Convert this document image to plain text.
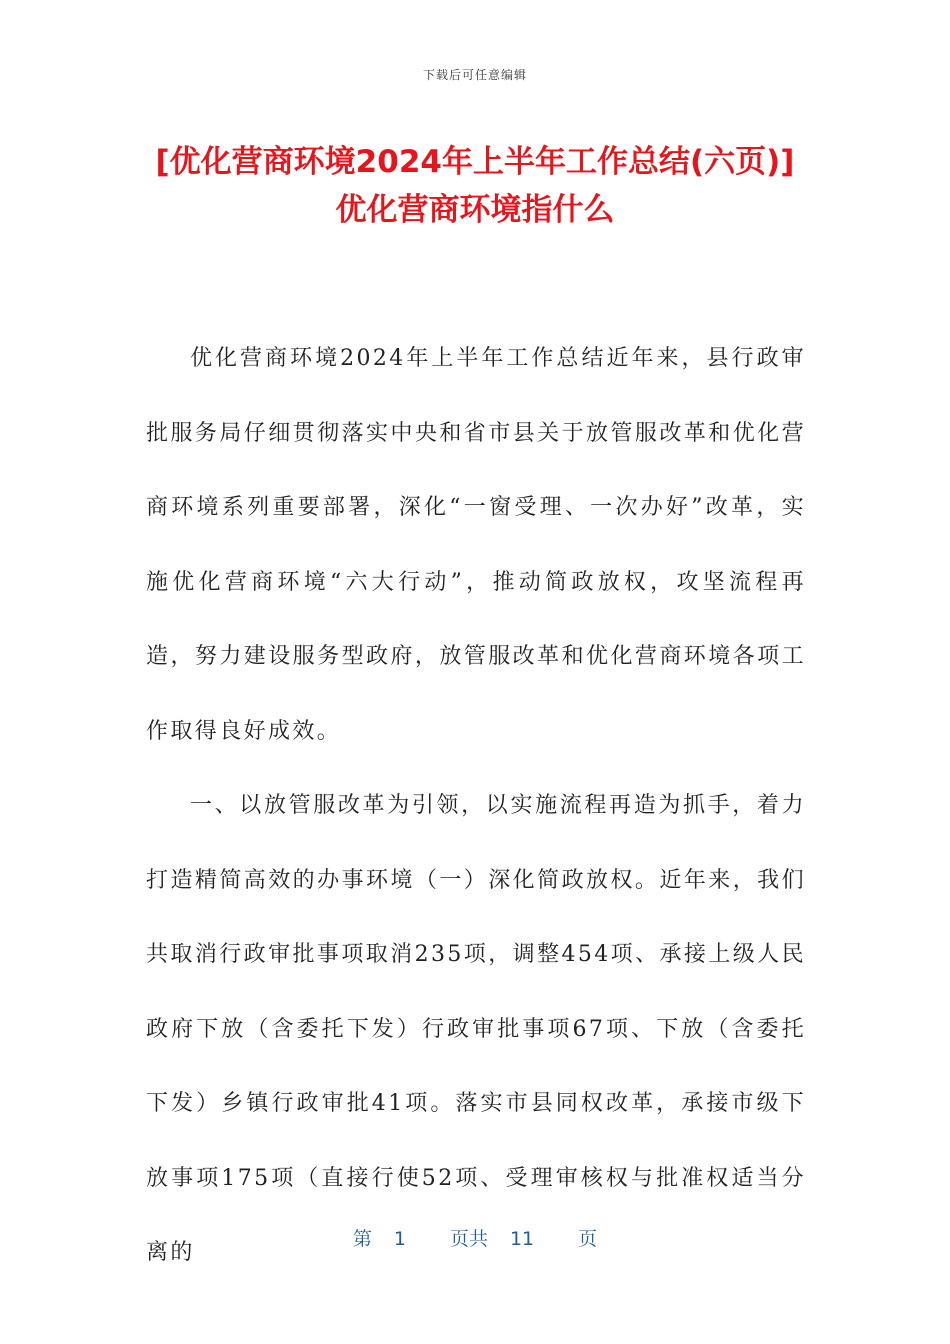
下载后可任意编辑
[优化营商环境2024年上半年工作总结(六页)] 优化营商环境指什么

优化营商环境2024年上半年工作总结近年来，县行政审批服务局仔细贯彻落实中央和省市县关于放管服改革和优化营商环境系列重要部署，深化“一窗受理、一次办好”改革，实施优化营商环境“六大行动”，推动简政放权，攻坚流程再造，努力建设服务型政府，放管服改革和优化营商环境各项工作取得良好成效。

一、以放管服改革为引领，以实施流程再造为抓手，着力打造精简高效的办事环境（一）深化简政放权。近年来，我们共取消行政审批事项取消235项，调整454项、承接上级人民政府下放（含委托下发）行政审批事项67项、下放（含委托下发）乡镇行政审批41项。落实市县同权改革，承接市级下放事项175项（直接行使52项、受理审核权与批准权适当分离的

第 1 页共 11 页
